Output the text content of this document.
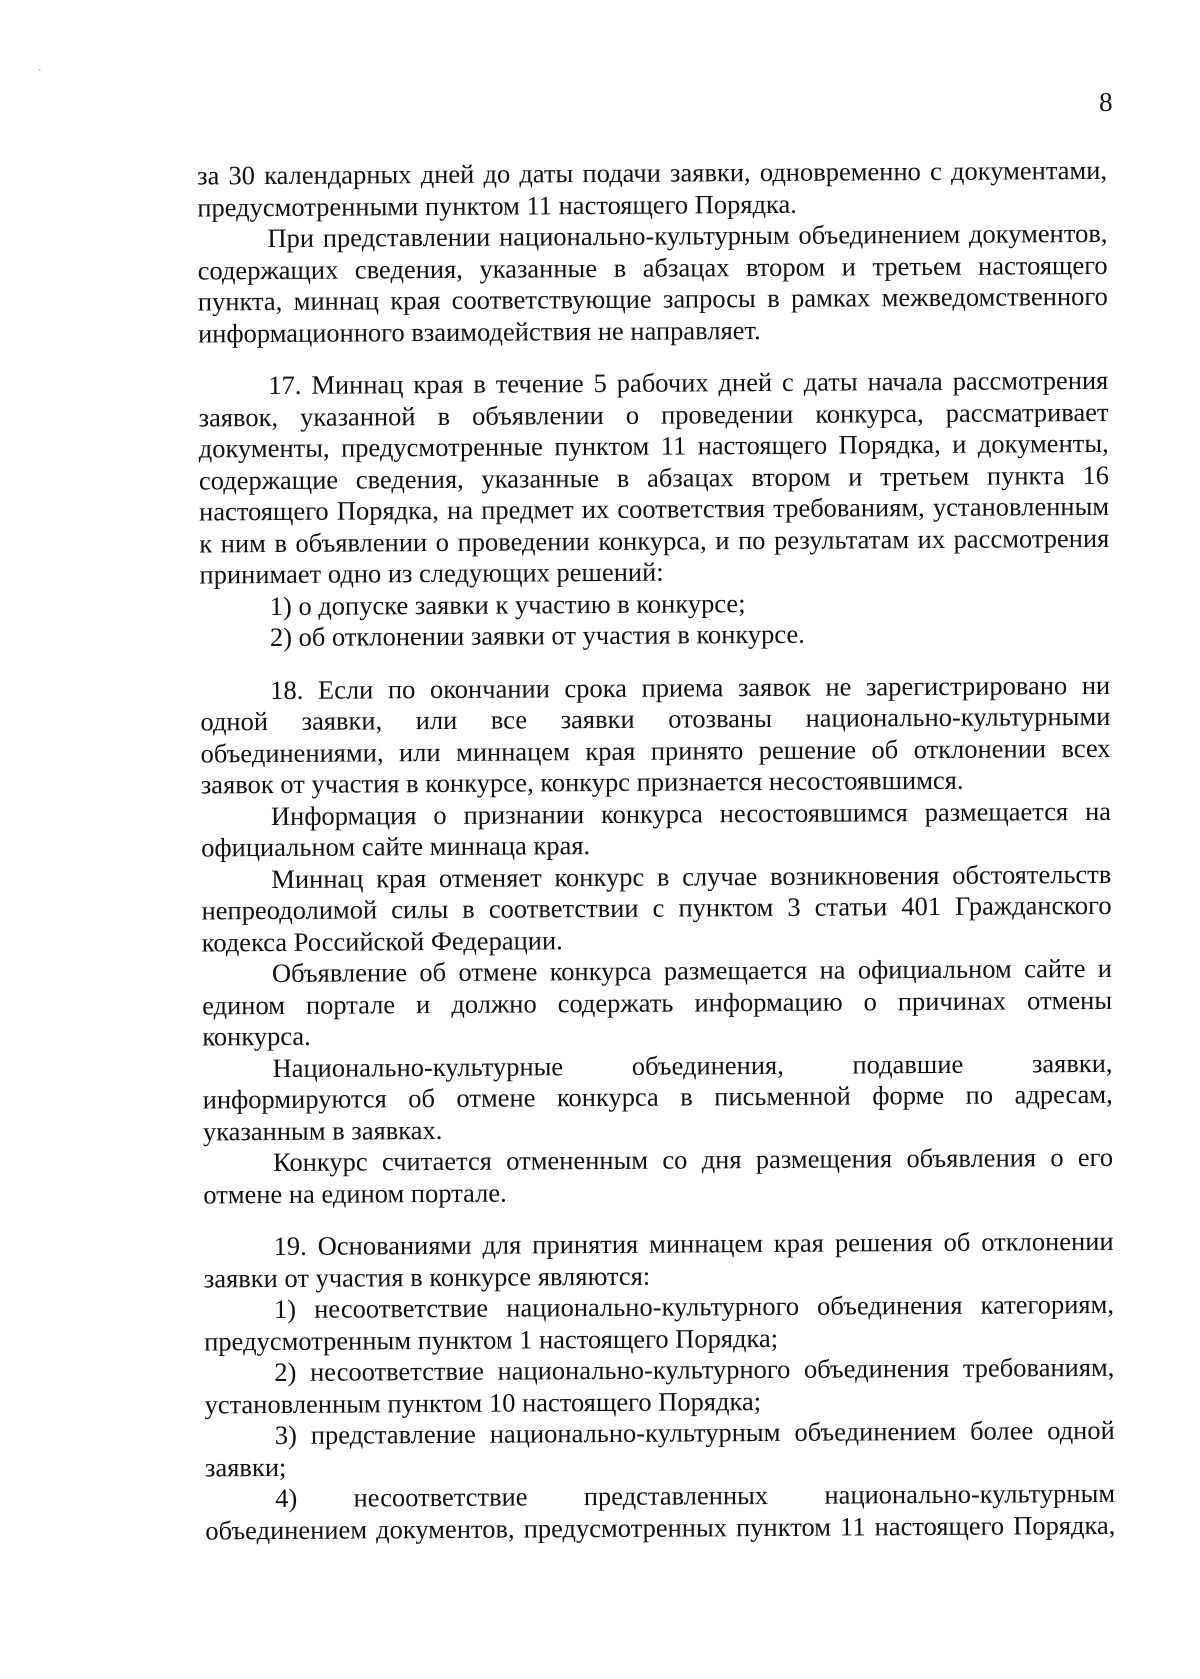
8

за 30 календарных дней до даты подачи заявки, одновременно с документами, предусмотренными пунктом 11 настоящего Порядка.

При представлении национально-культурным объединением документов, содержащих сведения, указанные в абзацах втором и третьем настоящего пункта, миннац края соответствующие запросы в рамках межведомственного информационного взаимодействия не направляет.

17. Миннац края в течение 5 рабочих дней с даты начала рассмотрения заявок, указанной в объявлении о проведении конкурса, рассматривает документы, предусмотренные пунктом 11 настоящего Порядка, и документы, содержащие сведения, указанные в абзацах втором и третьем пункта 16 настоящего Порядка, на предмет их соответствия требованиям, установленным к ним в объявлении о проведении конкурса, и по результатам их рассмотрения принимает одно из следующих решений:

1) о допуске заявки к участию в конкурсе;

2) об отклонении заявки от участия в конкурсе.

18. Если по окончании срока приема заявок не зарегистрировано ни одной заявки, или все заявки отозваны национально-культурными объединениями, или миннацем края принято решение об отклонении всех заявок от участия в конкурсе, конкурс признается несостоявшимся.

Информация о признании конкурса несостоявшимся размещается на официальном сайте миннаца края.

Миннац края отменяет конкурс в случае возникновения обстоятельств непреодолимой силы в соответствии с пунктом 3 статьи 401 Гражданского кодекса Российской Федерации.

Объявление об отмене конкурса размещается на официальном сайте и едином портале и должно содержать информацию о причинах отмены конкурса.

Национально-культурные объединения, подавшие заявки, информируются об отмене конкурса в письменной форме по адресам, указанным в заявках.

Конкурс считается отмененным со дня размещения объявления о его отмене на едином портале.

19. Основаниями для принятия миннацем края решения об отклонении заявки от участия в конкурсе являются:

1) несоответствие национально-культурного объединения категориям, предусмотренным пунктом 1 настоящего Порядка;

2) несоответствие национально-культурного объединения требованиям, установленным пунктом 10 настоящего Порядка;

3) представление национально-культурным объединением более одной заявки;

4) несоответствие представленных национально-культурным объединением документов, предусмотренных пунктом 11 настоящего Порядка,
